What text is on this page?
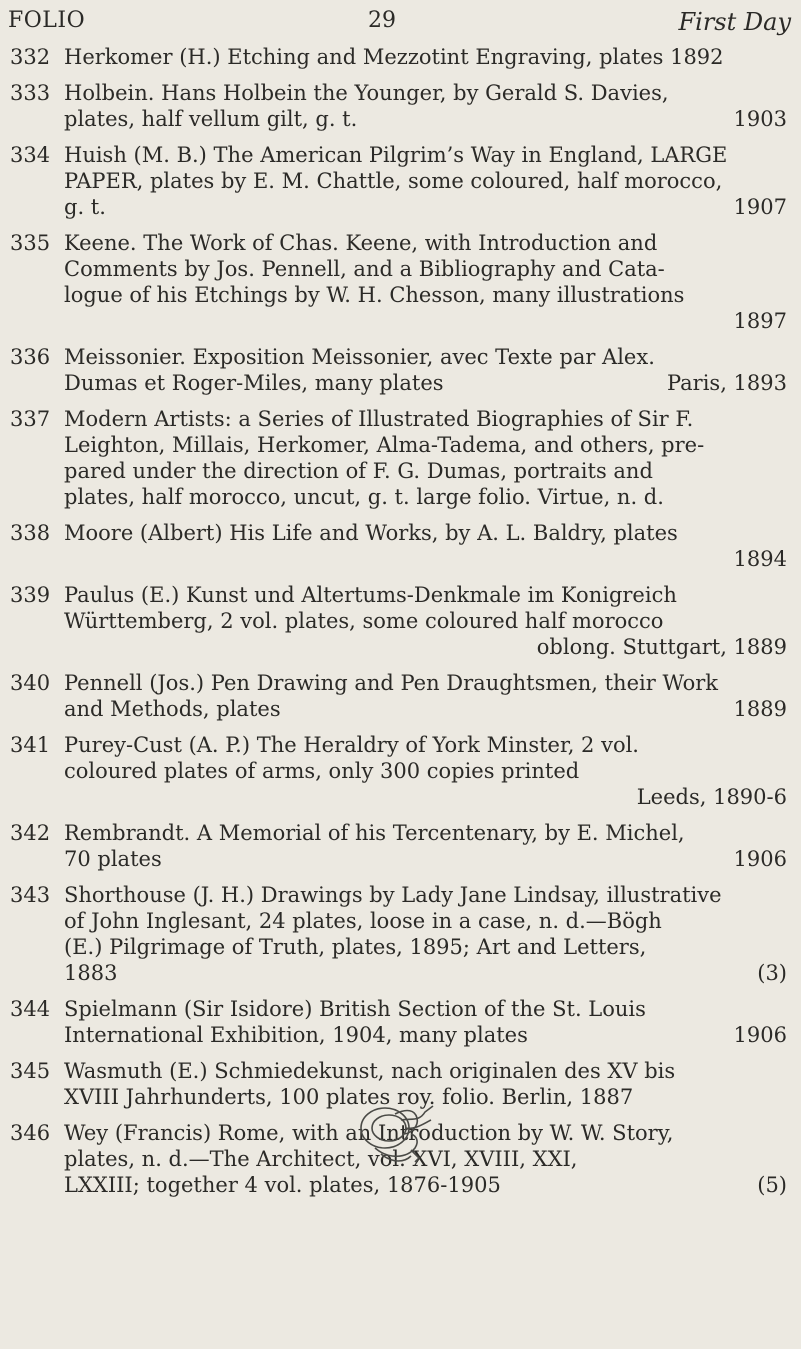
FOLIO	29	First Day
332 Herkomer (H.) Etching and Mezzotint Engraving, plates 1892
333 Holbein. Hans Holbein the Younger, by Gerald S. Davies,
plates, half vellum gilt, g. t.	1903
334 Huish (M. B.) The American Pilgrim’s Way in England, LARGE
PAPER, plates by E. M. Chattle, some coloured, half morocco,
g. t.	1907
335 Keene. The Work of Chas. Keene, with Introduction and
Comments by Jos. Pennell, and a Bibliography and Cata-
logue of his Etchings by W. H. Chesson, many illustrations
1897
336 Meissonier. Exposition Meissonier, avec Texte par Alex.
Dumas et Roger-Miles, many plates	Paris, 1893
337 Modern Artists: a Series of Illustrated Biographies of Sir F.
Leighton, Millais, Herkomer, Alma-Tadema, and others, pre-
pared under the direction of F. G. Dumas, portraits and
plates, half morocco, uncut, g. t. large folio. Virtue, n. d.
338 Moore (Albert) His Life and Works, by A. L. Baldry, plates
1894
339 Paulus (E.) Kunst und Altertums-Denkmale im Konigreich
Württemberg, 2 vol. plates, some coloured half morocco
oblong. Stuttgart, 1889
340 Pennell (Jos.) Pen Drawing and Pen Draughtsmen, their Work
and Methods, plates	1889
341 Purey-Cust (A. P.) The Heraldry of York Minster, 2 vol.
coloured plates of arms, only 300 copies printed
Leeds, 1890-6
342 Rembrandt. A Memorial of his Tercentenary, by E. Michel,
70 plates	1906
343 Shorthouse (J. H.) Drawings by Lady Jane Lindsay, illustrative
of John Inglesant, 24 plates, loose in a case, n. d.—Bögh
(E.) Pilgrimage of Truth, plates, 1895; Art and Letters,
1883	(3)
344 Spielmann (Sir Isidore) British Section of the St. Louis
International Exhibition, 1904, many plates	1906
345 Wasmuth (E.) Schmiedekunst, nach originalen des XV bis
XVIII Jahrhunderts, 100 plates roy. folio. Berlin, 1887
346 Wey (Francis) Rome, with an Introduction by W. W. Story,
plates, n. d.—The Architect, vol. XVI, XVIII, XXI,
LXXIII; together 4 vol. plates, 1876-1905	(5)
